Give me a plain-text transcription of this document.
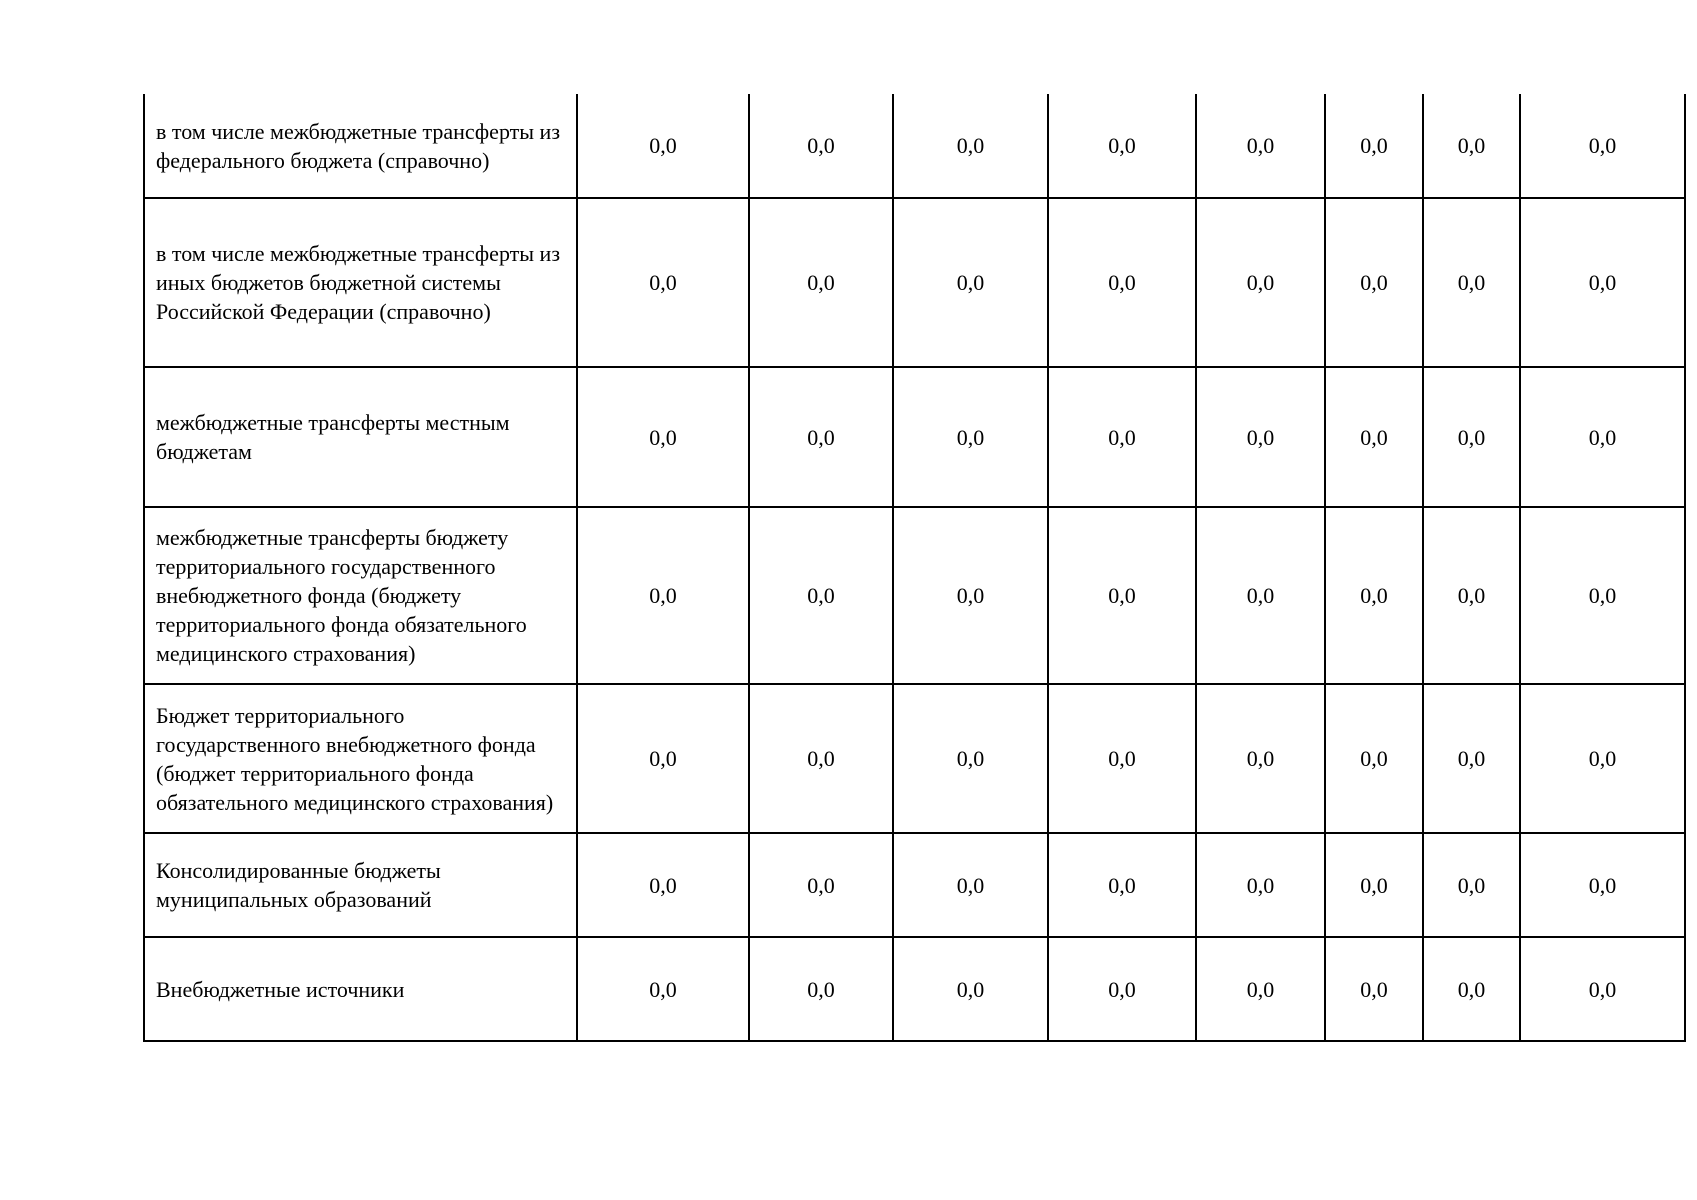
в том числе межбюджетные трансферты из федерального бюджета (справочно)	0,0	0,0	0,0	0,0	0,0	0,0	0,0	0,0
в том числе межбюджетные трансферты из иных бюджетов бюджетной системы Российской Федерации (справочно)	0,0	0,0	0,0	0,0	0,0	0,0	0,0	0,0
межбюджетные трансферты местным бюджетам	0,0	0,0	0,0	0,0	0,0	0,0	0,0	0,0
межбюджетные трансферты бюджету территориального государственного внебюджетного фонда (бюджету территориального фонда обязательного медицинского страхования)	0,0	0,0	0,0	0,0	0,0	0,0	0,0	0,0
Бюджет территориального государственного внебюджетного фонда (бюджет территориального фонда обязательного медицинского страхования)	0,0	0,0	0,0	0,0	0,0	0,0	0,0	0,0
Консолидированные бюджеты муниципальных образований	0,0	0,0	0,0	0,0	0,0	0,0	0,0	0,0
Внебюджетные источники	0,0	0,0	0,0	0,0	0,0	0,0	0,0	0,0
